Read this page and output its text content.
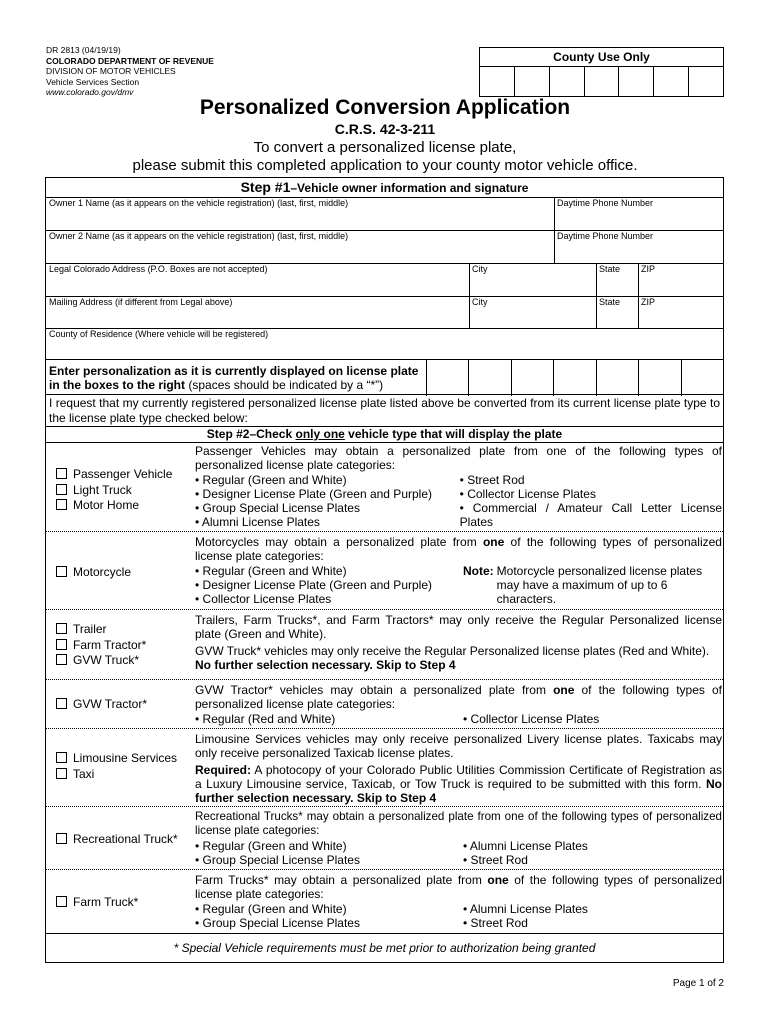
DR 2813 (04/19/19)
COLORADO DEPARTMENT OF REVENUE
DIVISION OF MOTOR VEHICLES
Vehicle Services Section
www.colorado.gov/dmv
County Use Only
Personalized Conversion Application
C.R.S. 42-3-211
To convert a personalized license plate,
please submit this completed application to your county motor vehicle office.
Step #1–Vehicle owner information and signature
Owner 1 Name (as it appears on the vehicle registration) (last, first, middle)	Daytime Phone Number
Owner 2 Name (as it appears on the vehicle registration) (last, first, middle)	Daytime Phone Number
Legal Colorado Address (P.O. Boxes are not accepted)	City	State ZIP
Mailing Address (if different from Legal above)	City	State ZIP
County of Residence (Where vehicle will be registered)
Enter personalization as it is currently displayed on license plate
in the boxes to the right (spaces should be indicated by a “*”)
I request that my currently registered personalized license plate listed above be converted from its current license plate type to the license plate type checked below:
Step #2–Check only one vehicle type that will display the plate
Passenger Vehicle
Light Truck
Motor Home
Passenger Vehicles may obtain a personalized plate from one of the following types of personalized license plate categories:
• Regular (Green and White)
• Designer License Plate (Green and Purple)
• Group Special License Plates
• Alumni License Plates
• Street Rod
• Collector License Plates
• Commercial / Amateur Call Letter License Plates
Motorcycle
Motorcycles may obtain a personalized plate from one of the following types of personalized license plate categories:
• Regular (Green and White)
• Designer License Plate (Green and Purple)
• Collector License Plates
Note: Motorcycle personalized license plates may have a maximum of up to 6 characters.
Trailer
Farm Tractor*
GVW Truck*
Trailers, Farm Trucks*, and Farm Tractors* may only receive the Regular Personalized license plate (Green and White).
GVW Truck* vehicles may only receive the Regular Personalized license plates (Red and White).
No further selection necessary. Skip to Step 4
GVW Tractor*
GVW Tractor* vehicles may obtain a personalized plate from one of the following types of personalized license plate categories:
• Regular (Red and White)	• Collector License Plates
Limousine Services
Taxi
Limousine Services vehicles may only receive personalized Livery license plates. Taxicabs may only receive personalized Taxicab license plates.
Required: A photocopy of your Colorado Public Utilities Commission Certificate of Registration as a Luxury Limousine service, Taxicab, or Tow Truck is required to be submitted with this form. No further selection necessary. Skip to Step 4
Recreational Truck*
Recreational Trucks* may obtain a personalized plate from one of the following types of personalized license plate categories:
• Regular (Green and White)
• Group Special License Plates
• Alumni License Plates
• Street Rod
Farm Truck*
Farm Trucks* may obtain a personalized plate from one of the following types of personalized license plate categories:
• Regular (Green and White)
• Group Special License Plates
• Alumni License Plates
• Street Rod
* Special Vehicle requirements must be met prior to authorization being granted
Page 1 of 2
